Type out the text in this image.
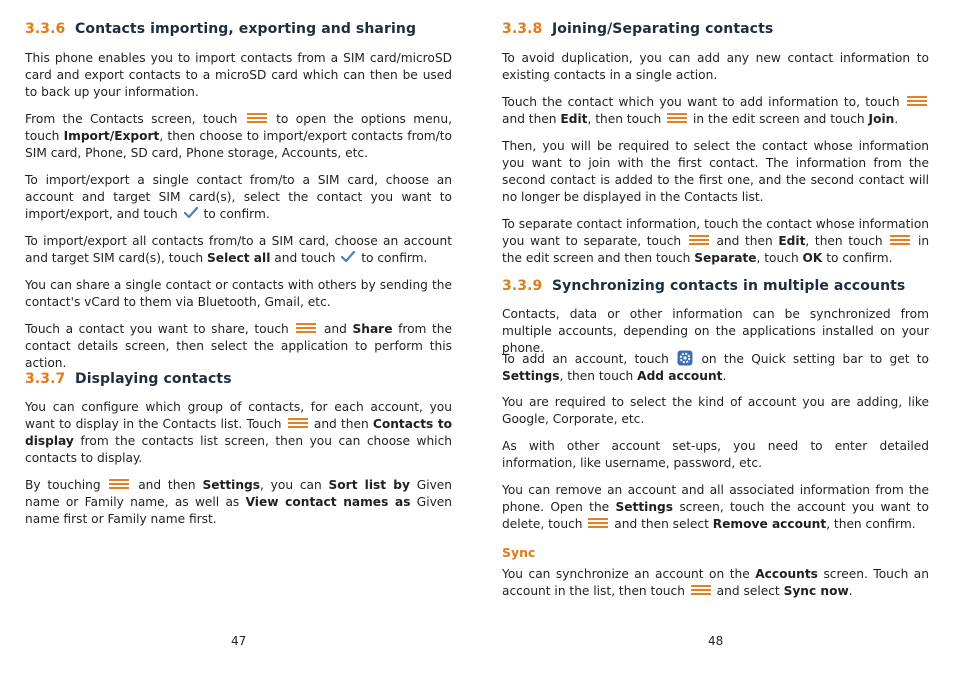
3.3.6 Contacts importing, exporting and sharing

This phone enables you to import contacts from a SIM card/microSD card and export contacts to a microSD card which can then be used to back up your information.

From the Contacts screen, touch	to open the options menu, touch Import/Export, then choose to import/export contacts from/to SIM card, Phone, SD card, Phone storage, Accounts, etc.

To import/export a single contact from/to a SIM card, choose an account and target SIM card(s), select the contact you want to import/export, and touch to confirm.

To import/export all contacts from/to a SIM card, choose an account and target SIM card(s), touch Select all and touch to confirm.

You can share a single contact or contacts with others by sending the contact's vCard to them via Bluetooth, Gmail, etc.

Touch a contact you want to share, touch	and Share from the contact details screen, then select the application to perform this action.

3.3.7 Displaying contacts

You can configure which group of contacts, for each account, you want to display in the Contacts list. Touch	and then Contacts to display from the contacts list screen, then you can choose which contacts to display.

By touching	and then Settings, you can Sort list by Given name or Family name, as well as View contact names as Given name first or Family name first.

47
3.3.8 Joining/Separating contacts

To avoid duplication, you can add any new contact information to existing contacts in a single action.

Touch the contact which you want to add information to, touch  and then Edit, then touch	in the edit screen and touch Join.

Then, you will be required to select the contact whose information you want to join with the first contact. The information from the second contact is added to the first one, and the second contact will no longer be displayed in the Contacts list.

To separate contact information, touch the contact whose information you want to separate, touch	and then Edit, then touch	in the edit screen and then touch Separate, touch OK to confirm.

3.3.9 Synchronizing contacts in multiple accounts

Contacts, data or other information can be synchronized from multiple accounts, depending on the applications installed on your phone.

To add an account, touch	on the Quick setting bar to get to Settings, then touch Add account.

You are required to select the kind of account you are adding, like Google, Corporate, etc.

As with other account set-ups, you need to enter detailed information, like username, password, etc.

You can remove an account and all associated information from the phone. Open the Settings screen, touch the account you want to delete, touch	and then select Remove account, then confirm.

Sync

You can synchronize an account on the Accounts screen. Touch an account in the list, then touch	and select Sync now.

48
